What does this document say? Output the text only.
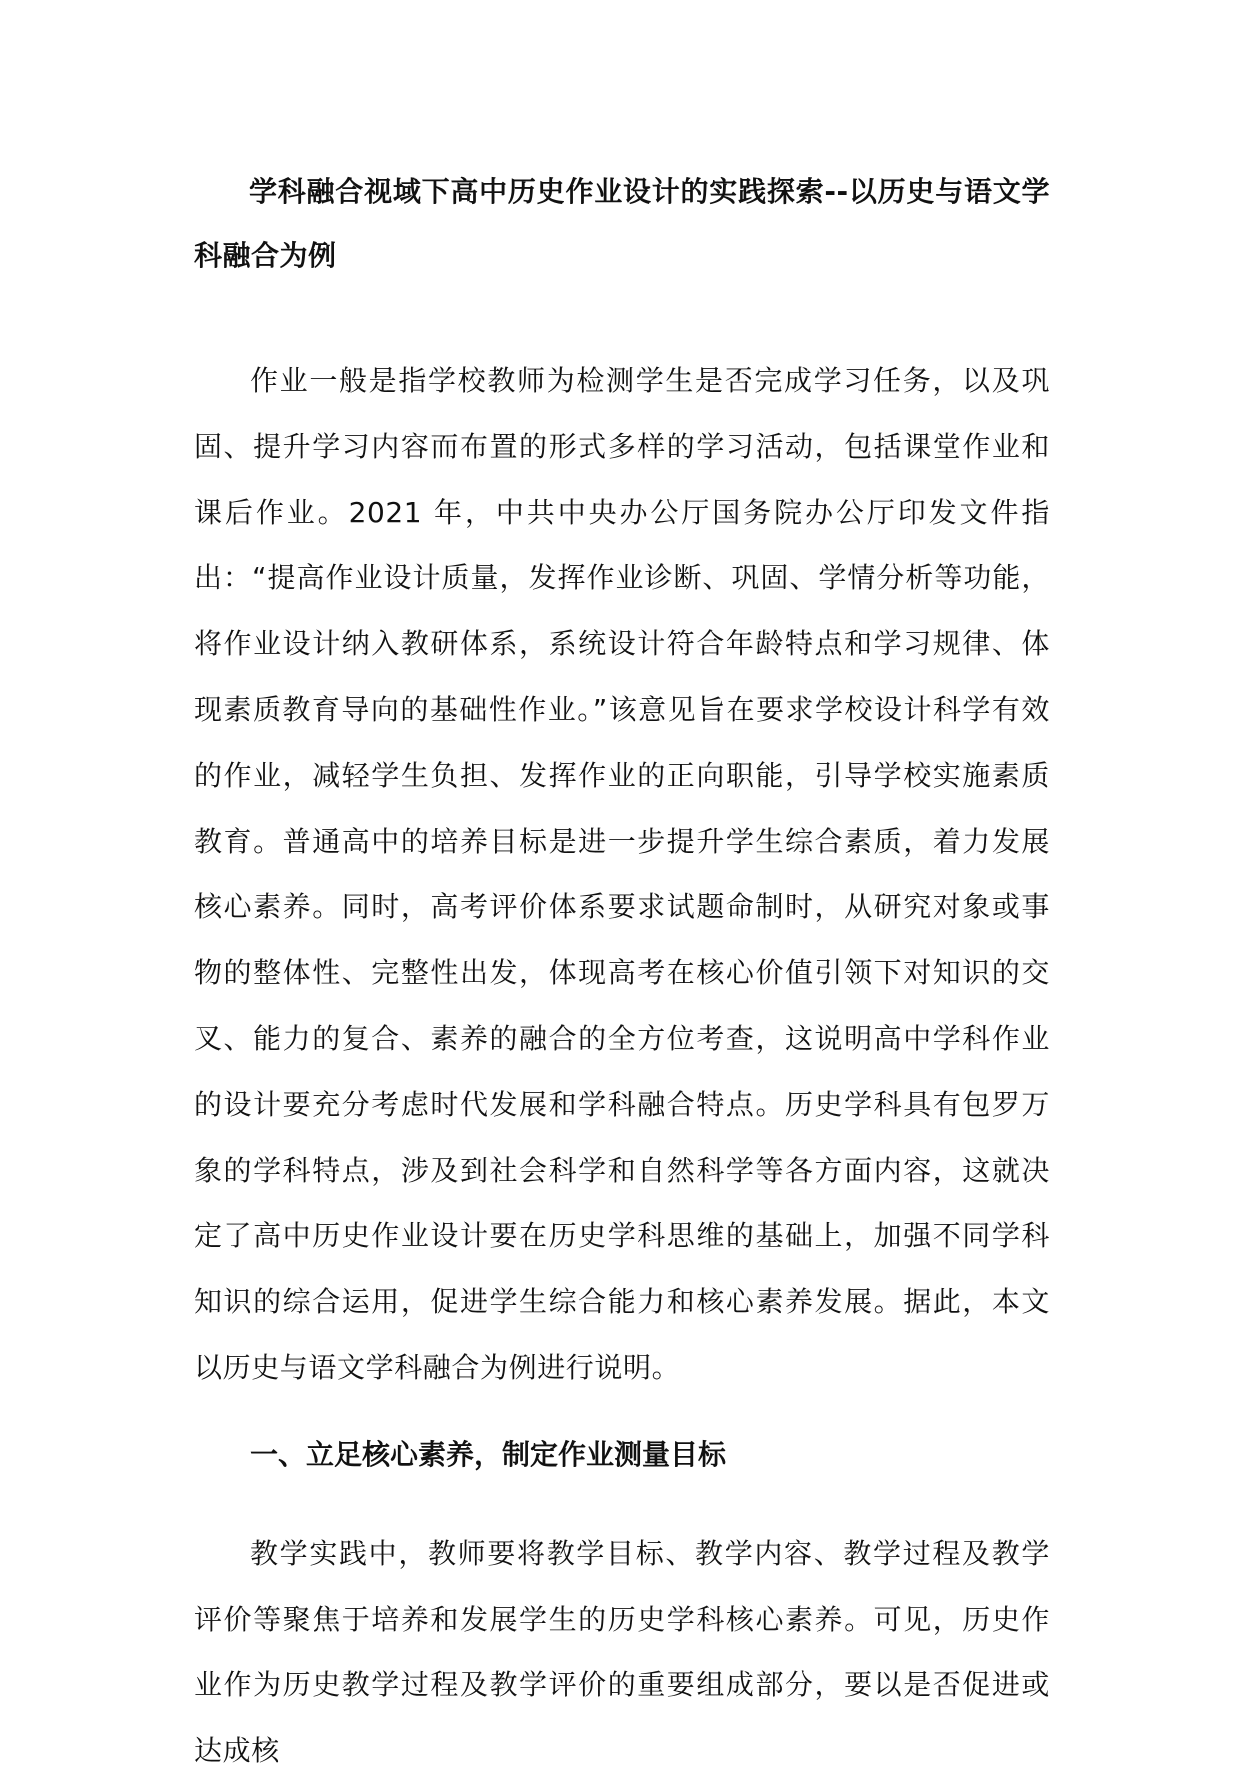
学科融合视域下高中历史作业设计的实践探索--以历史与语文学科融合为例

作业一般是指学校教师为检测学生是否完成学习任务，以及巩固、提升学习内容而布置的形式多样的学习活动，包括课堂作业和课后作业。2021 年，中共中央办公厅国务院办公厅印发文件指出：“提高作业设计质量，发挥作业诊断、巩固、学情分析等功能，将作业设计纳入教研体系，系统设计符合年龄特点和学习规律、体现素质教育导向的基础性作业。”该意见旨在要求学校设计科学有效的作业，减轻学生负担、发挥作业的正向职能，引导学校实施素质教育。普通高中的培养目标是进一步提升学生综合素质，着力发展核心素养。同时，高考评价体系要求试题命制时，从研究对象或事物的整体性、完整性出发，体现高考在核心价值引领下对知识的交叉、能力的复合、素养的融合的全方位考查，这说明高中学科作业的设计要充分考虑时代发展和学科融合特点。历史学科具有包罗万象的学科特点，涉及到社会科学和自然科学等各方面内容，这就决定了高中历史作业设计要在历史学科思维的基础上，加强不同学科知识的综合运用，促进学生综合能力和核心素养发展。据此，本文以历史与语文学科融合为例进行说明。

一、立足核心素养，制定作业测量目标

教学实践中，教师要将教学目标、教学内容、教学过程及教学评价等聚焦于培养和发展学生的历史学科核心素养。可见，历史作业作为历史教学过程及教学评价的重要组成部分，要以是否促进或达成核
